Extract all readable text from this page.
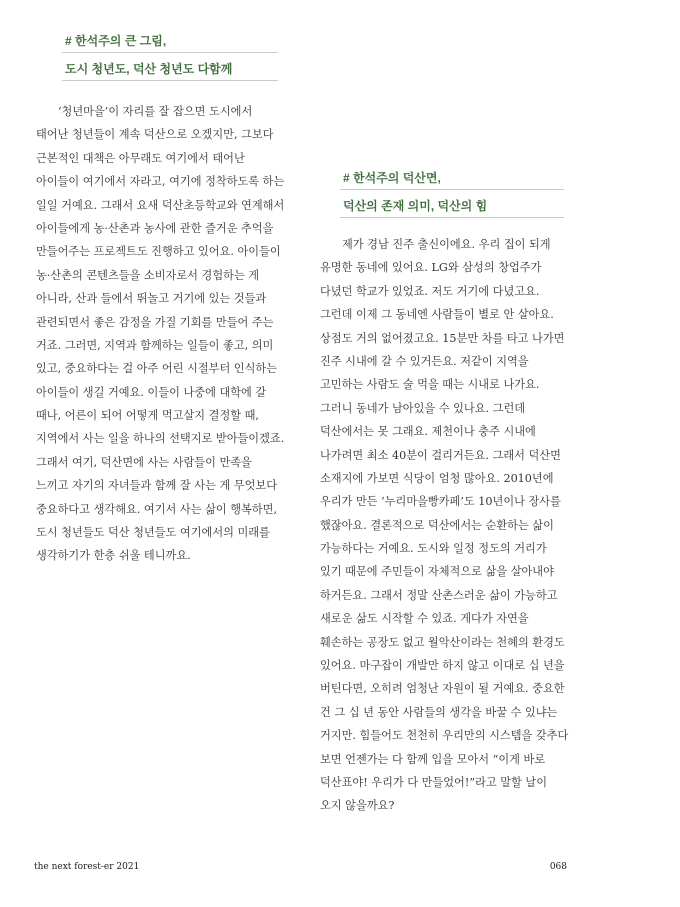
# 한석주의 큰 그림,
도시 청년도, 덕산 청년도 다함께
‘청년마을’이 자리를 잘 잡으면 도시에서
태어난 청년들이 계속 덕산으로 오겠지만, 그보다
근본적인 대책은 아무래도 여기에서 태어난
아이들이 여기에서 자라고, 여기에 정착하도록 하는
일일 거예요. 그래서 요새 덕산초등학교와 연계해서
아이들에게 농·산촌과 농사에 관한 즐거운 추억을
만들어주는 프로젝트도 진행하고 있어요. 아이들이
농·산촌의 콘텐츠들을 소비자로서 경험하는 게
아니라, 산과 들에서 뛰놀고 거기에 있는 것들과
관련되면서 좋은 감정을 가질 기회를 만들어 주는
거죠. 그러면, 지역과 함께하는 일들이 좋고, 의미
있고, 중요하다는 걸 아주 어린 시절부터 인식하는
아이들이 생길 거예요. 이들이 나중에 대학에 갈
때나, 어른이 되어 어떻게 먹고살지 결정할 때,
지역에서 사는 일을 하나의 선택지로 받아들이겠죠.
그래서 여기, 덕산면에 사는 사람들이 만족을
느끼고 자기의 자녀들과 함께 잘 사는 게 무엇보다
중요하다고 생각해요. 여기서 사는 삶이 행복하면,
도시 청년들도 덕산 청년들도 여기에서의 미래를
생각하기가 한층 쉬울 테니까요.
# 한석주의 덕산면,
덕산의 존재 의미, 덕산의 힘
제가 경남 진주 출신이에요. 우리 집이 되게
유명한 동네에 있어요. LG와 삼성의 창업주가
다녔던 학교가 있었죠. 저도 거기에 다녔고요.
그런데 이제 그 동네엔 사람들이 별로 안 살아요.
상점도 거의 없어졌고요. 15분만 차를 타고 나가면
진주 시내에 갈 수 있거든요. 저같이 지역을
고민하는 사람도 술 먹을 때는 시내로 나가요.
그러니 동네가 남아있을 수 있나요. 그런데
덕산에서는 못 그래요. 제천이나 충주 시내에
나가려면 최소 40분이 걸리거든요. 그래서 덕산면
소재지에 가보면 식당이 엄청 많아요. 2010년에
우리가 만든 ‘누리마을빵카페’도 10년이나 장사를
했잖아요. 결론적으로 덕산에서는 순환하는 삶이
가능하다는 거예요. 도시와 일정 정도의 거리가
있기 때문에 주민들이 자체적으로 삶을 살아내야
하거든요. 그래서 정말 산촌스러운 삶이 가능하고
새로운 삶도 시작할 수 있죠. 게다가 자연을
훼손하는 공장도 없고 월악산이라는 천혜의 환경도
있어요. 마구잡이 개발만 하지 않고 이대로 십 년을
버틴다면, 오히려 엄청난 자원이 될 거예요. 중요한
건 그 십 년 동안 사람들의 생각을 바꿀 수 있냐는
거지만. 힘들어도 천천히 우리만의 시스템을 갖추다
보면 언젠가는 다 함께 입을 모아서 “이게 바로
덕산표야! 우리가 다 만들었어!”라고 말할 날이
오지 않을까요?
the next forest-er 2021	068
